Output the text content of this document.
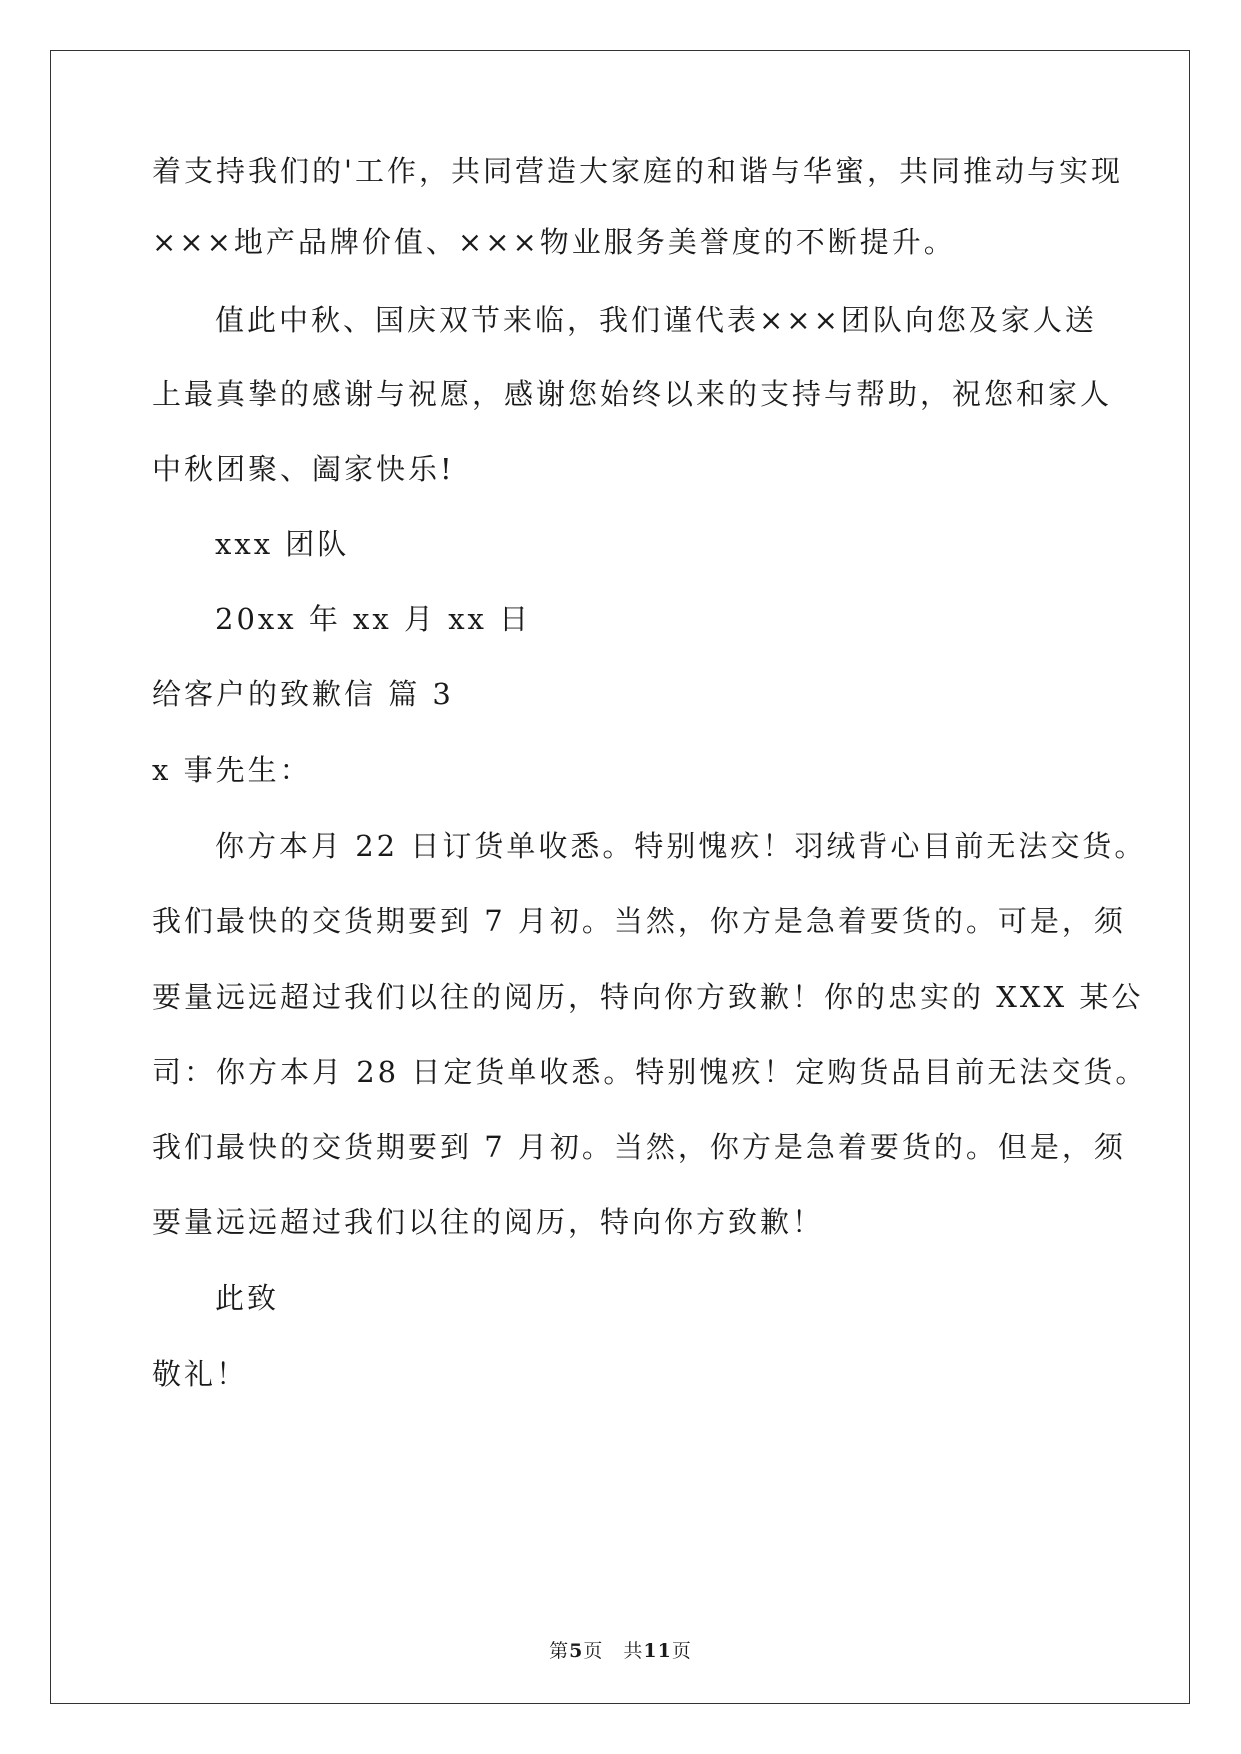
着支持我们的'工作，共同营造大家庭的和谐与华蜜，共同推动与实现
×××地产品牌价值、×××物业服务美誉度的不断提升。
值此中秋、国庆双节来临，我们谨代表×××团队向您及家人送
上最真挚的感谢与祝愿，感谢您始终以来的支持与帮助，祝您和家人
中秋团聚、阖家快乐!
xxx 团队
20xx 年 xx 月 xx 日
给客户的致歉信 篇 3
x 事先生：
你方本月 22 日订货单收悉。特别愧疚！羽绒背心目前无法交货。
我们最快的交货期要到 7 月初。当然，你方是急着要货的。可是，须
要量远远超过我们以往的阅历，特向你方致歉！你的忠实的 XXX 某公
司：你方本月 28 日定货单收悉。特别愧疚！定购货品目前无法交货。
我们最快的交货期要到 7 月初。当然，你方是急着要货的。但是，须
要量远远超过我们以往的阅历，特向你方致歉！
此致
敬礼！
第5页　共11页
